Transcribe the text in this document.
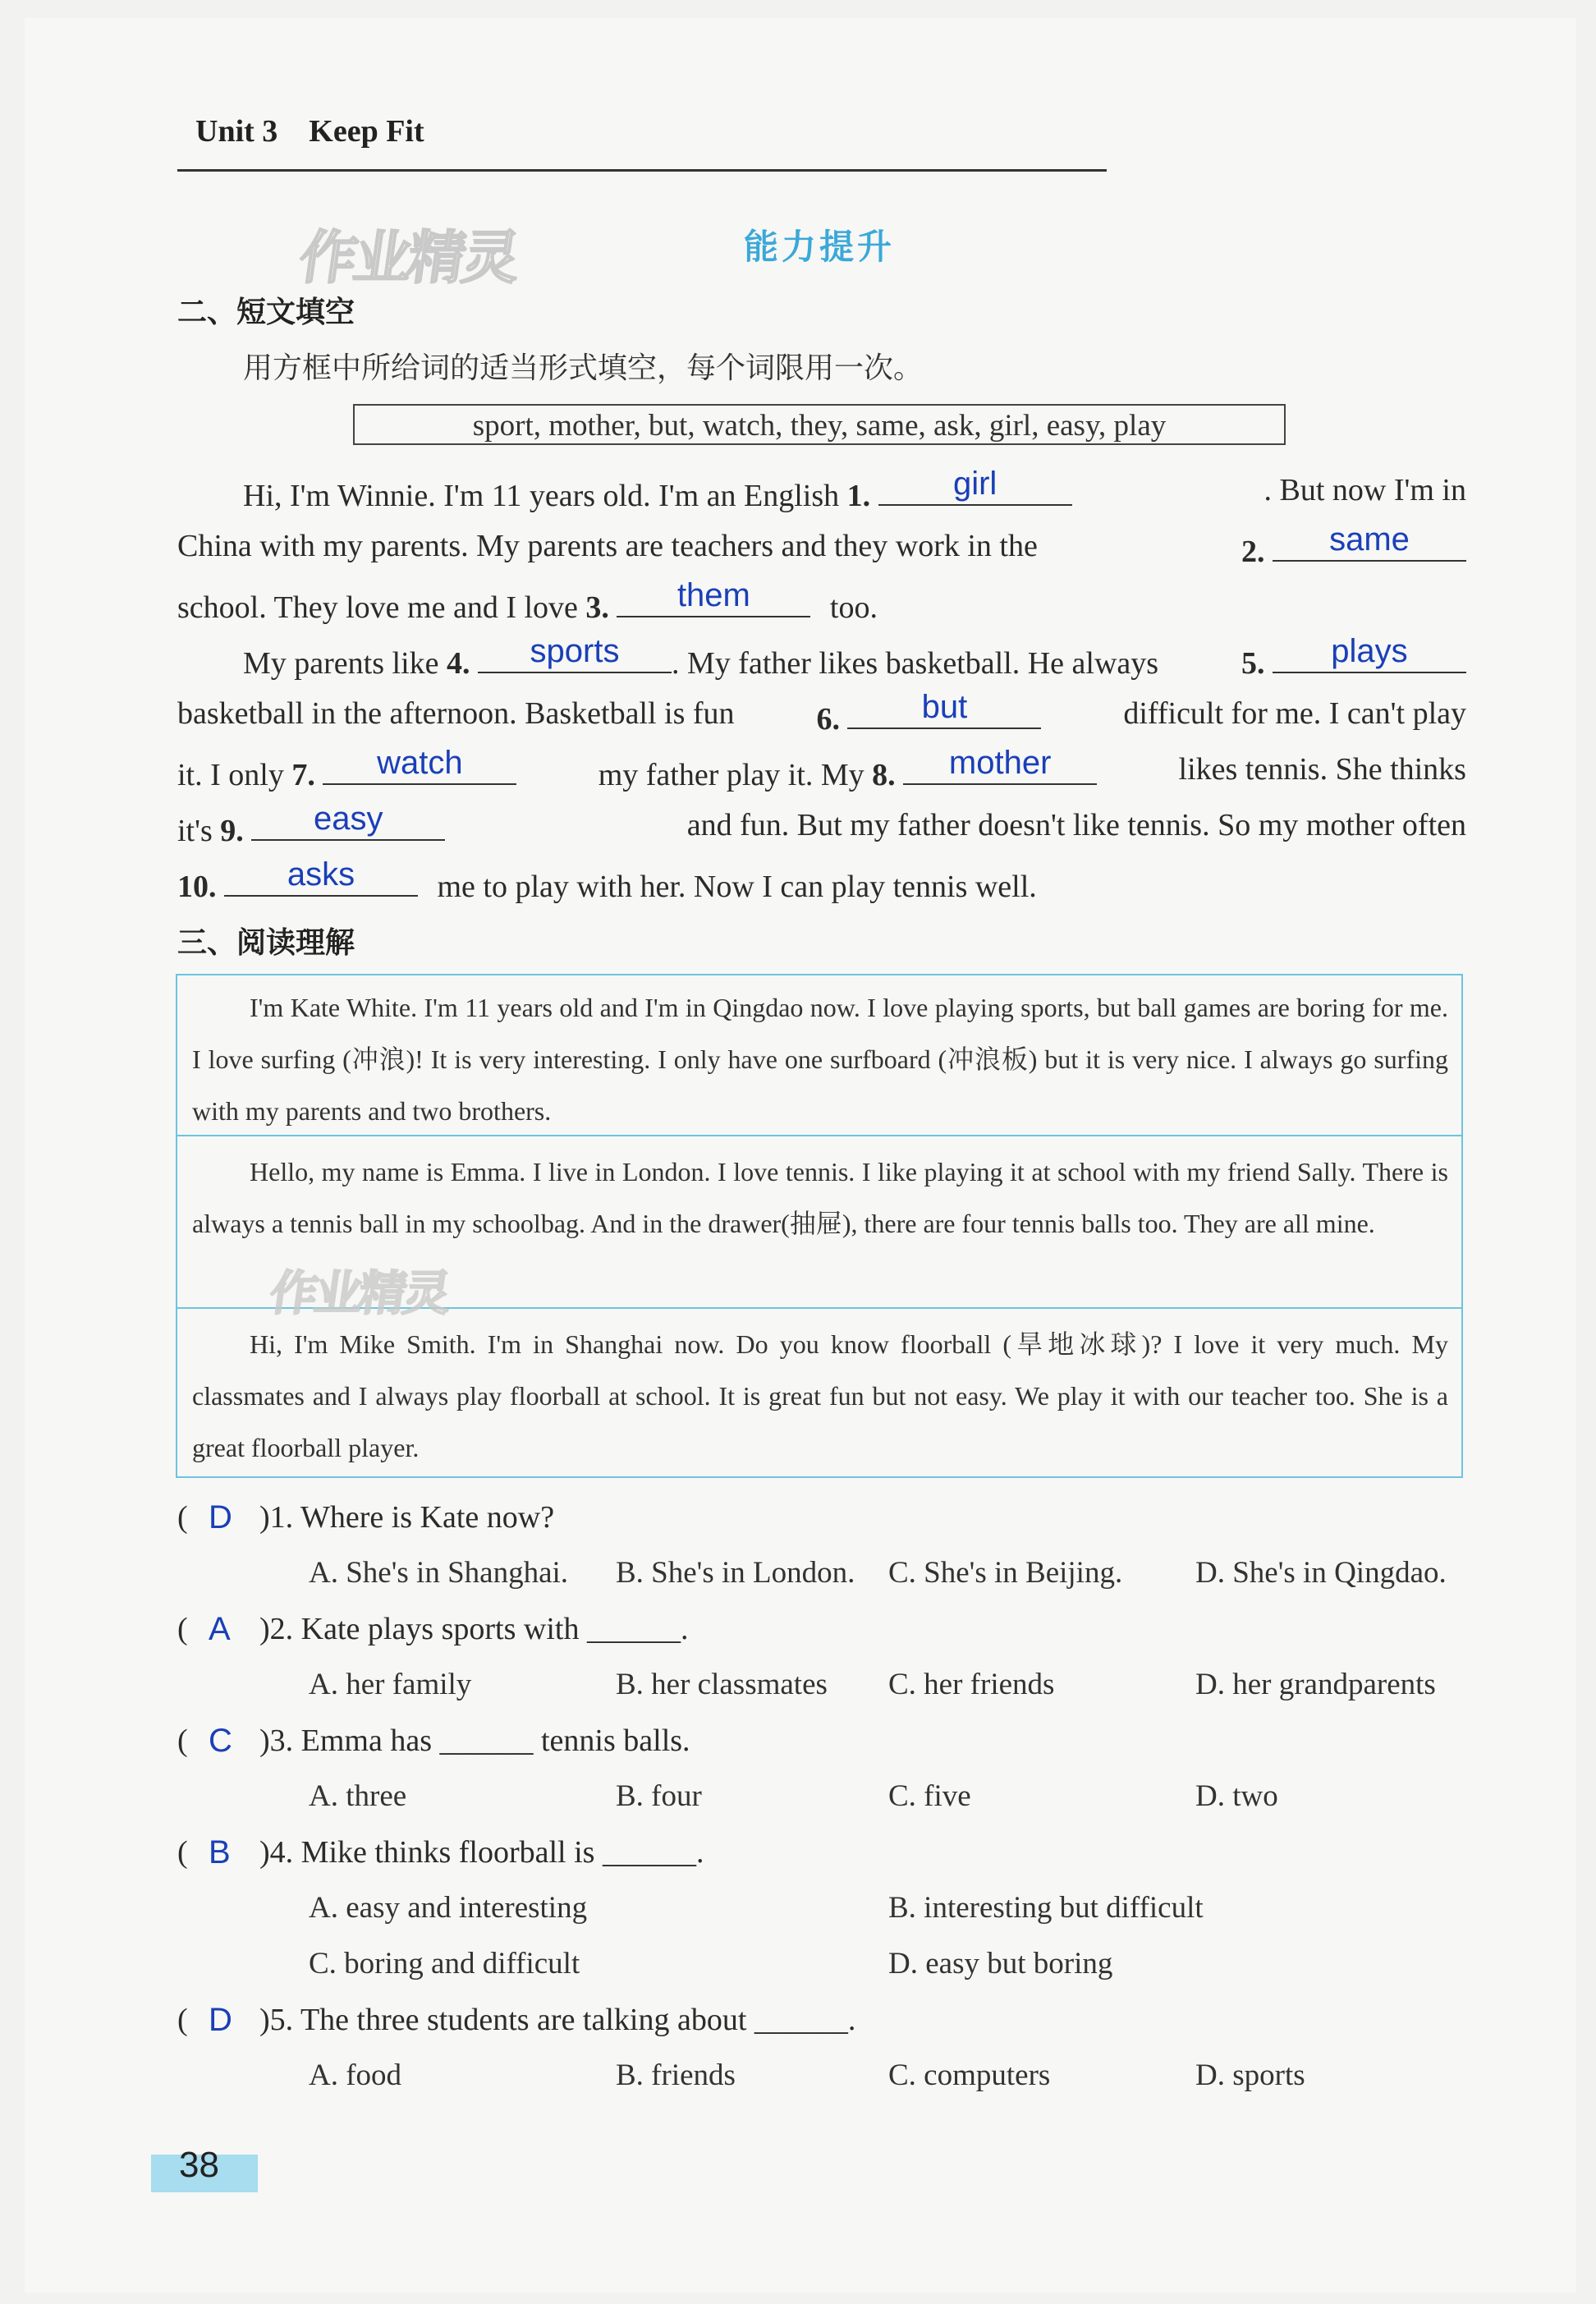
Unit 3    Keep Fit
作业精灵	能力提升
二、短文填空
用方框中所给词的适当形式填空，每个词限用一次。
sport, mother, but, watch, they, same, ask, girl, easy, play
Hi, I'm Winnie. I'm 11 years old. I'm an English 1.	girl	. But now I'm in
China with my parents. My parents are teachers and they work in the	2.	same
school. They love me and I love 3.	them	too.
My parents like 4.	sports	. My father likes basketball. He always	5.	plays
basketball in the afternoon. Basketball is fun	6.	but	difficult for me. I can't play
it. I only 7.	watch	my father play it. My 8.	mother	likes tennis. She thinks
it's 9.	easy	and fun. But my father doesn't like tennis. So my mother often
10.	asks	me to play with her. Now I can play tennis well.
三、阅读理解
I'm Kate White. I'm 11 years old and I'm in Qingdao now. I love playing sports, but ball games are boring for me. I love surfing (冲浪)! It is very interesting. I only have one surfboard (冲浪板) but it is very nice. I always go surfing with my parents and two brothers.
Hello, my name is Emma. I live in London. I love tennis. I like playing it at school with my friend Sally. There is always a tennis ball in my schoolbag. And in the drawer(抽屉), there are four tennis balls too. They are all mine.
Hi, I'm Mike Smith. I'm in Shanghai now. Do you know floorball (旱地冰球)? I love it very much. My classmates and I always play floorball at school. It is great fun but not easy. We play it with our teacher too. She is a great floorball player.
作业精灵
( D )1. Where is Kate now?
A. She's in Shanghai. B. She's in London. C. She's in Beijing. D. She's in Qingdao.
( A )2. Kate plays sports with ______.
A. her family	B. her classmates C. her friends	D. her grandparents
( C )3. Emma has ______ tennis balls.
A. three	B. four	C. five	D. two
( B )4. Mike thinks floorball is ______.
A. easy and interesting	B. interesting but difficult
C. boring and difficult	D. easy but boring
( D )5. The three students are talking about ______.
A. food	B. friends	C. computers	D. sports
38
